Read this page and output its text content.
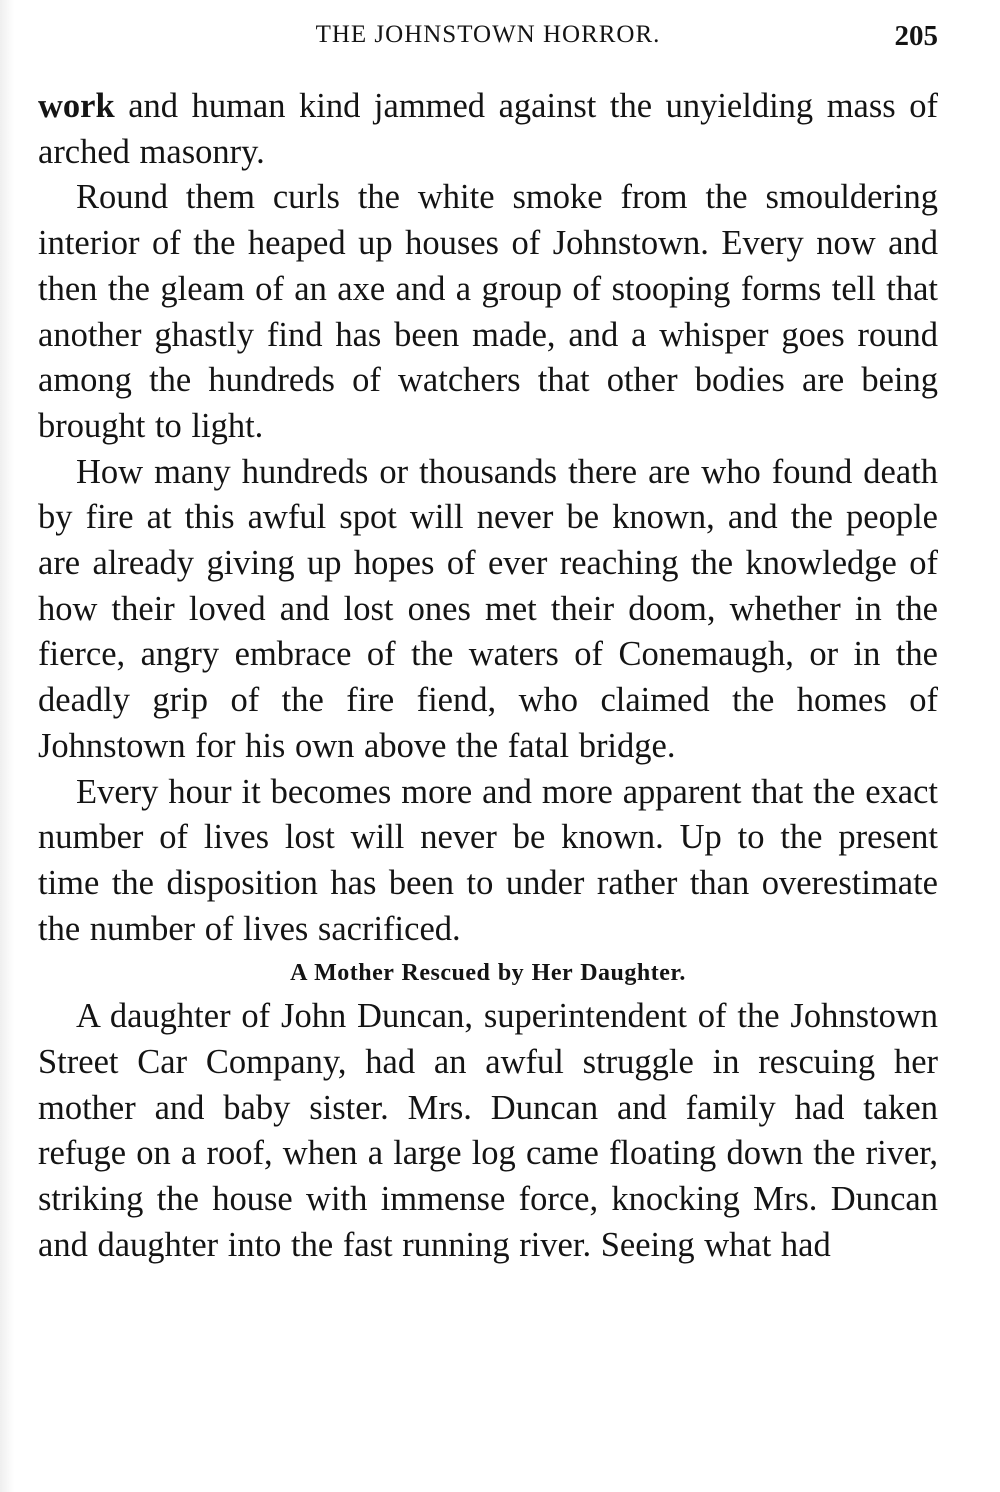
THE JOHNSTOWN HORROR.	205

work and human kind jammed against the unyielding mass of arched masonry.

Round them curls the white smoke from the smouldering interior of the heaped up houses of Johnstown. Every now and then the gleam of an axe and a group of stooping forms tell that another ghastly find has been made, and a whisper goes round among the hundreds of watchers that other bodies are being brought to light.

How many hundreds or thousands there are who found death by fire at this awful spot will never be known, and the people are already giving up hopes of ever reaching the knowledge of how their loved and lost ones met their doom, whether in the fierce, angry embrace of the waters of Conemaugh, or in the deadly grip of the fire fiend, who claimed the homes of Johnstown for his own above the fatal bridge.

Every hour it becomes more and more apparent that the exact number of lives lost will never be known. Up to the present time the disposition has been to under rather than overestimate the number of lives sacrificed.

A Mother Rescued by Her Daughter.

A daughter of John Duncan, superintendent of the Johnstown Street Car Company, had an awful struggle in rescuing her mother and baby sister. Mrs. Duncan and family had taken refuge on a roof, when a large log came floating down the river, striking the house with immense force, knocking Mrs. Duncan and daughter into the fast running river. Seeing what had
